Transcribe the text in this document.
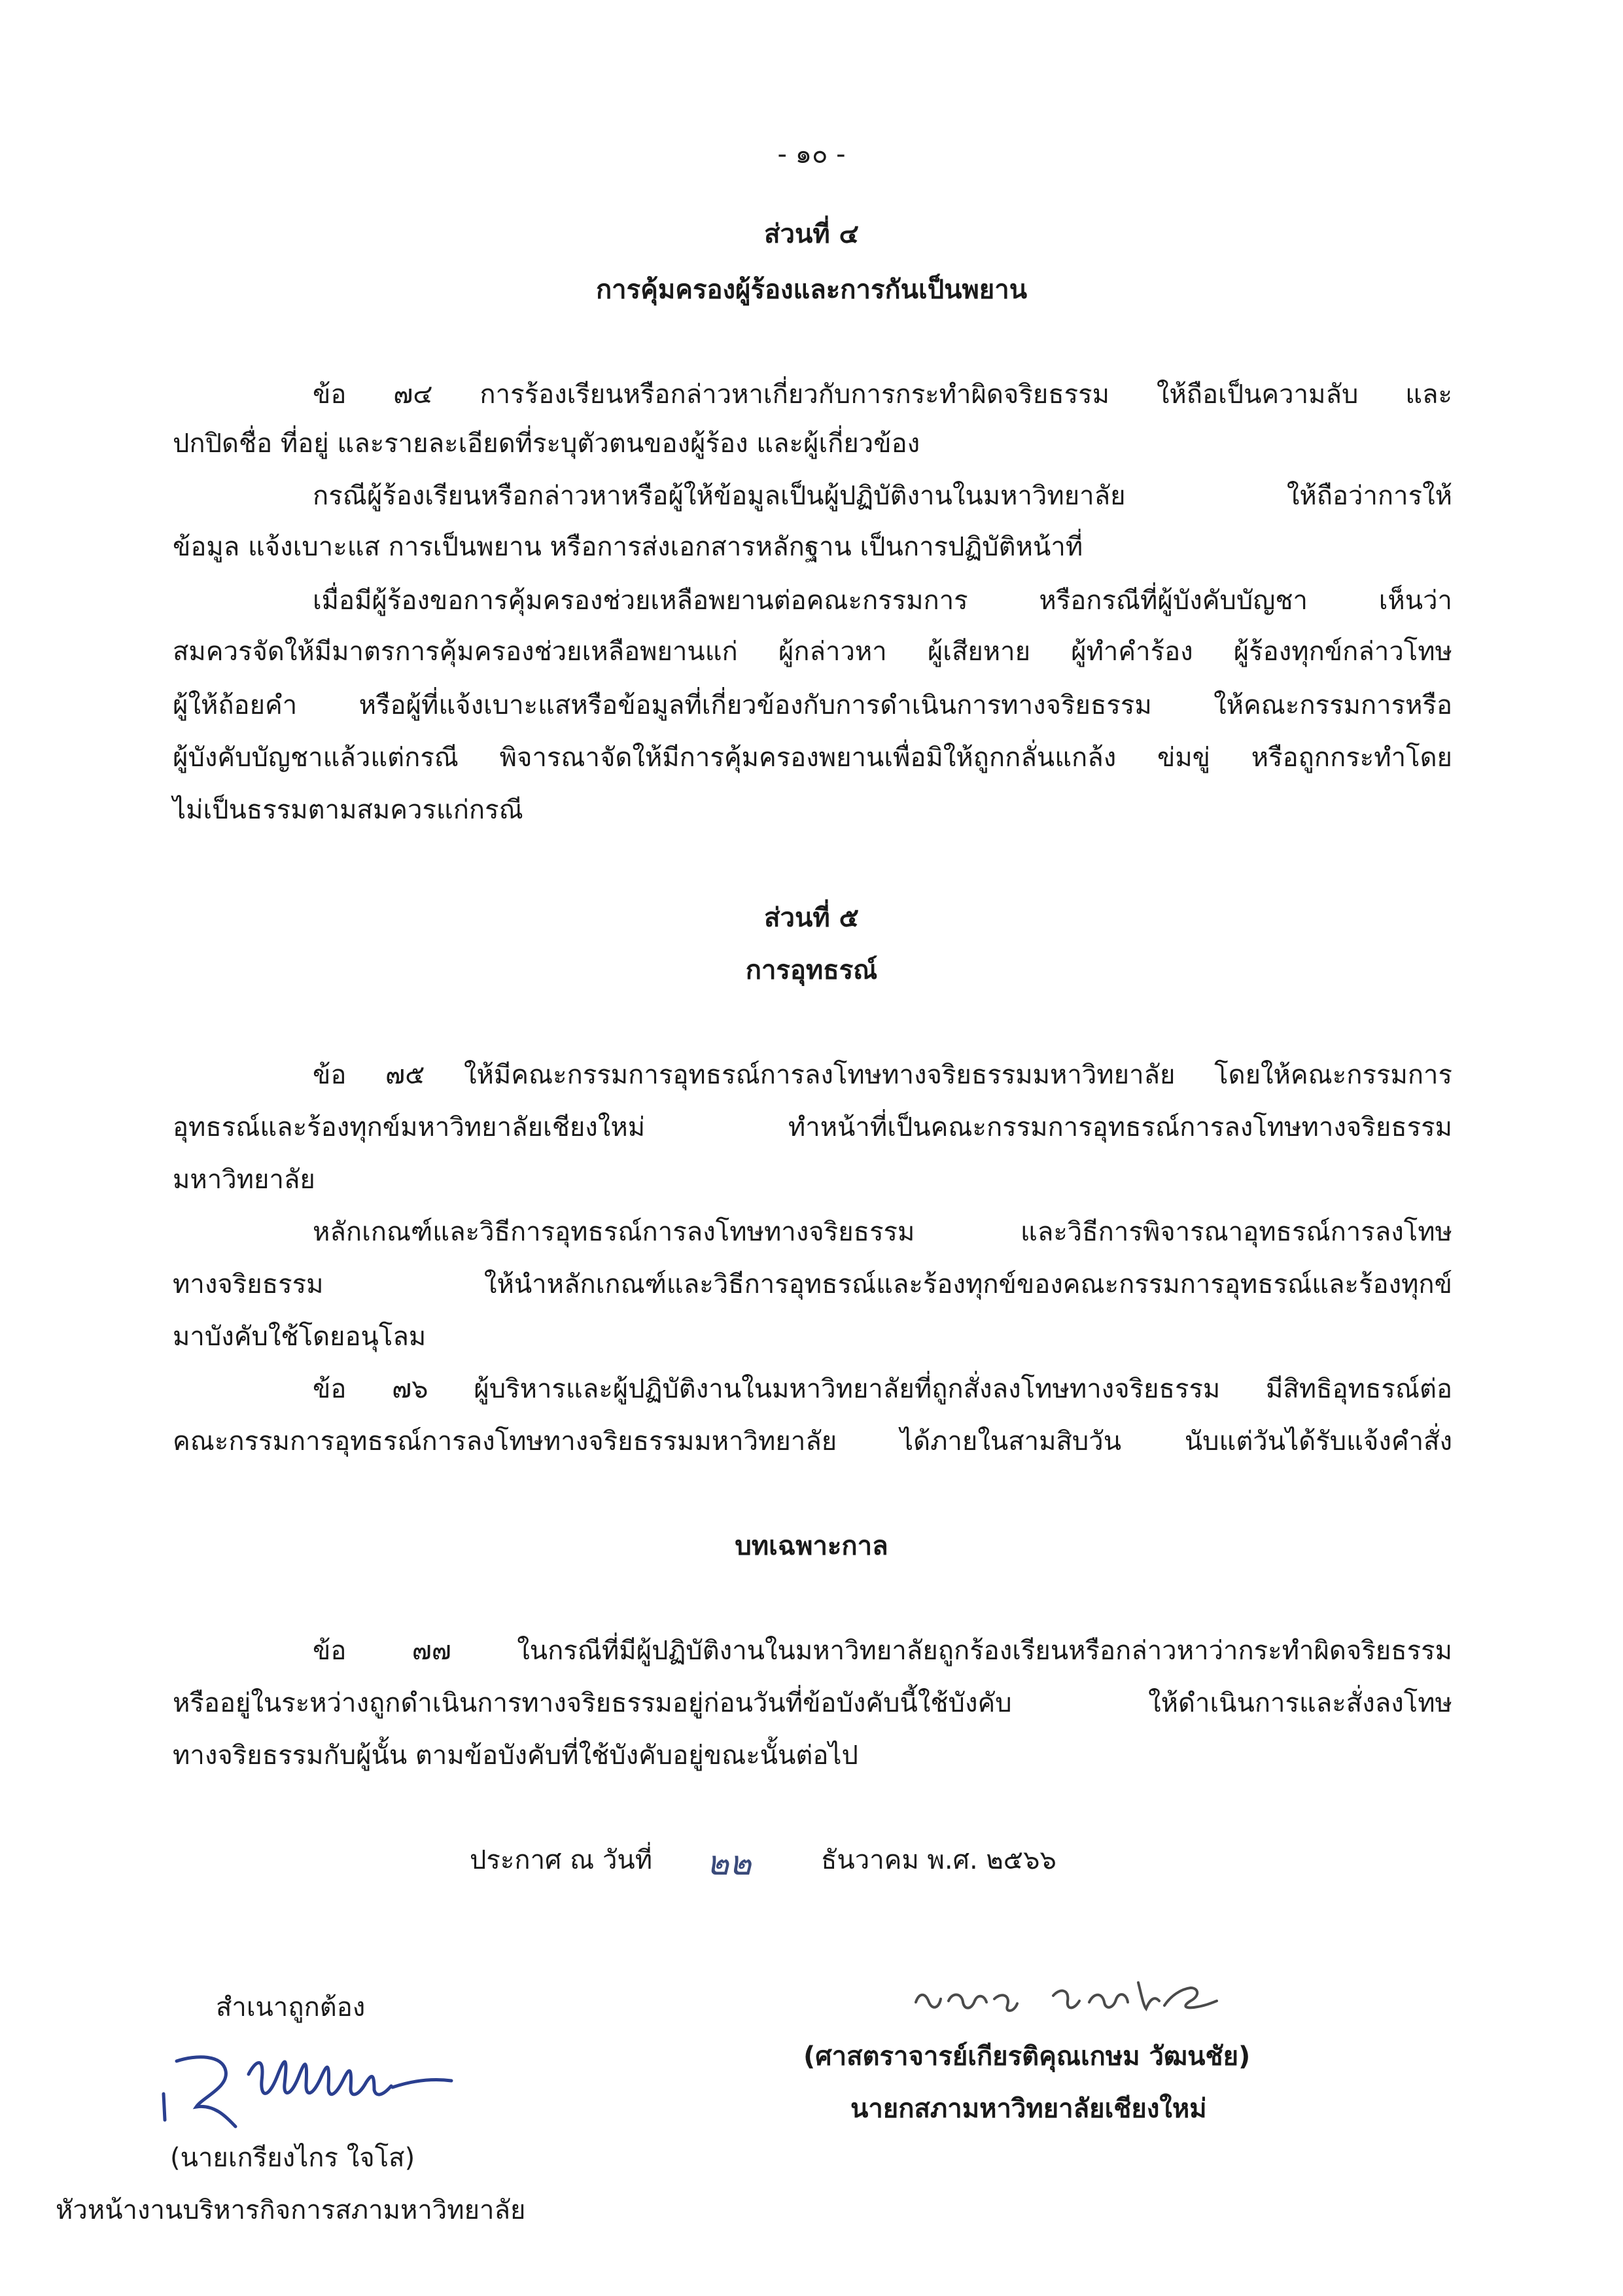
- ๑๐ -
ส่วนที่ ๔
การคุ้มครองผู้ร้องและการกันเป็นพยาน
ข้อ ๗๔ การร้องเรียนหรือกล่าวหาเกี่ยวกับการกระทำผิดจริยธรรม ให้ถือเป็นความลับ และ
ปกปิดชื่อ ที่อยู่ และรายละเอียดที่ระบุตัวตนของผู้ร้อง และผู้เกี่ยวข้อง
กรณีผู้ร้องเรียนหรือกล่าวหาหรือผู้ให้ข้อมูลเป็นผู้ปฏิบัติงานในมหาวิทยาลัย ให้ถือว่าการให้
ข้อมูล แจ้งเบาะแส การเป็นพยาน หรือการส่งเอกสารหลักฐาน เป็นการปฏิบัติหน้าที่
เมื่อมีผู้ร้องขอการคุ้มครองช่วยเหลือพยานต่อคณะกรรมการ หรือกรณีที่ผู้บังคับบัญชา เห็นว่า
สมควรจัดให้มีมาตรการคุ้มครองช่วยเหลือพยานแก่ ผู้กล่าวหา ผู้เสียหาย ผู้ทำคำร้อง ผู้ร้องทุกข์กล่าวโทษ
ผู้ให้ถ้อยคำ หรือผู้ที่แจ้งเบาะแสหรือข้อมูลที่เกี่ยวข้องกับการดำเนินการทางจริยธรรม ให้คณะกรรมการหรือ
ผู้บังคับบัญชาแล้วแต่กรณี พิจารณาจัดให้มีการคุ้มครองพยานเพื่อมิให้ถูกกลั่นแกล้ง ข่มขู่ หรือถูกกระทำโดย
ไม่เป็นธรรมตามสมควรแก่กรณี
ส่วนที่ ๕
การอุทธรณ์
ข้อ ๗๕ ให้มีคณะกรรมการอุทธรณ์การลงโทษทางจริยธรรมมหาวิทยาลัย โดยให้คณะกรรมการ
อุทธรณ์และร้องทุกข์มหาวิทยาลัยเชียงใหม่ ทำหน้าที่เป็นคณะกรรมการอุทธรณ์การลงโทษทางจริยธรรม
มหาวิทยาลัย
หลักเกณฑ์และวิธีการอุทธรณ์การลงโทษทางจริยธรรม และวิธีการพิจารณาอุทธรณ์การลงโทษ
ทางจริยธรรม ให้นำหลักเกณฑ์และวิธีการอุทธรณ์และร้องทุกข์ของคณะกรรมการอุทธรณ์และร้องทุกข์
มาบังคับใช้โดยอนุโลม
ข้อ ๗๖ ผู้บริหารและผู้ปฏิบัติงานในมหาวิทยาลัยที่ถูกสั่งลงโทษทางจริยธรรม มีสิทธิอุทธรณ์ต่อ
คณะกรรมการอุทธรณ์การลงโทษทางจริยธรรมมหาวิทยาลัย ได้ภายในสามสิบวัน นับแต่วันได้รับแจ้งคำสั่ง
บทเฉพาะกาล
ข้อ ๗๗ ในกรณีที่มีผู้ปฏิบัติงานในมหาวิทยาลัยถูกร้องเรียนหรือกล่าวหาว่ากระทำผิดจริยธรรม
หรืออยู่ในระหว่างถูกดำเนินการทางจริยธรรมอยู่ก่อนวันที่ข้อบังคับนี้ใช้บังคับ ให้ดำเนินการและสั่งลงโทษ
ทางจริยธรรมกับผู้นั้น ตามข้อบังคับที่ใช้บังคับอยู่ขณะนั้นต่อไป
ประกาศ ณ วันที่ ๒๒	ธันวาคม พ.ศ. ๒๕๖๖
สำเนาถูกต้อง
(นายเกรียงไกร ใจโส)
หัวหน้างานบริหารกิจการสภามหาวิทยาลัย
(ศาสตราจารย์เกียรติคุณเกษม วัฒนชัย)
นายกสภามหาวิทยาลัยเชียงใหม่
